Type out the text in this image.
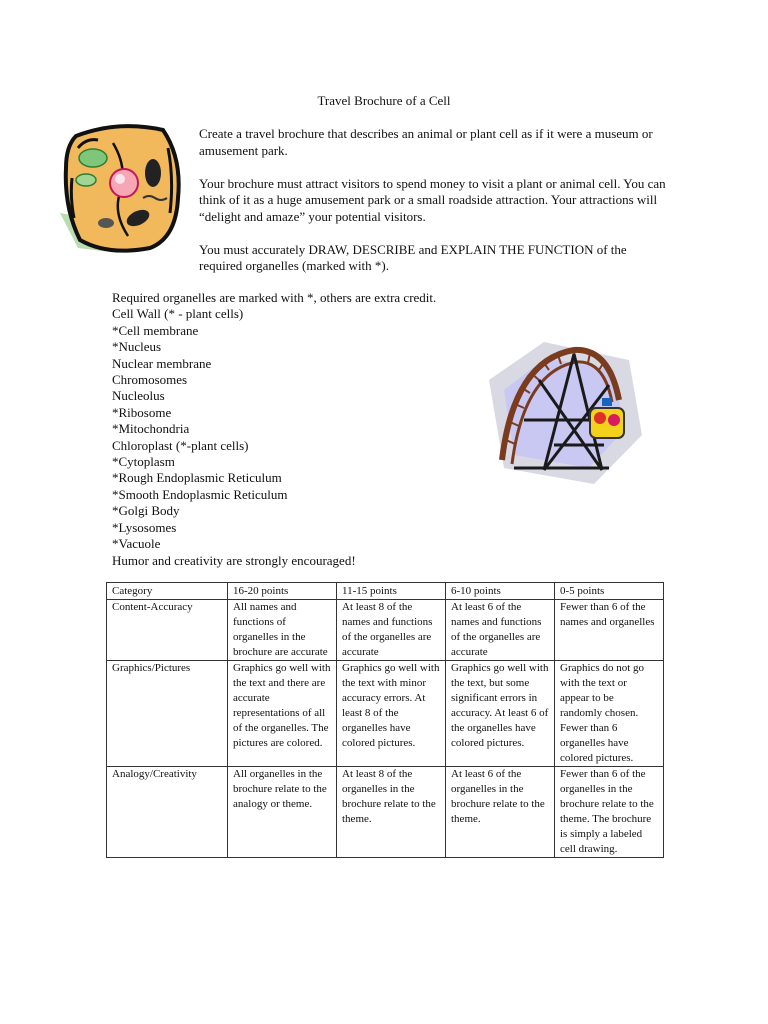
Travel Brochure of a Cell

Create a travel brochure that describes an animal or plant cell as if it were a museum or amusement park.

Your brochure must attract visitors to spend money to visit a plant or animal cell. You can think of it as a huge amusement park or a small roadside attraction. Your attractions will “delight and amaze” your potential visitors.

You must accurately DRAW, DESCRIBE and EXPLAIN THE FUNCTION of the required organelles (marked with *).

Required organelles are marked with *, others are extra credit.
Cell Wall (* - plant cells)
*Cell membrane
*Nucleus
Nuclear membrane
Chromosomes
Nucleolus
*Ribosome
*Mitochondria
Chloroplast (*-plant cells)
*Cytoplasm
*Rough Endoplasmic Reticulum
*Smooth Endoplasmic Reticulum
*Golgi Body
*Lysosomes
*Vacuole
Humor and creativity are strongly encouraged!
Category	16-20 points	11-15 points	6-10 points	0-5 points
Content-Accuracy	All names and functions of organelles in the brochure are accurate	At least 8 of the names and functions of the organelles are accurate	At least 6 of the names and functions of the organelles are accurate	Fewer than 6 of the names and organelles
Graphics/Pictures	Graphics go well with the text and there are accurate representations of all of the organelles. The pictures are colored.	Graphics go well with the text with minor accuracy errors. At least 8 of the organelles have colored pictures.	Graphics go well with the text, but some significant errors in accuracy. At least 6 of the organelles have colored pictures.	Graphics do not go with the text or appear to be randomly chosen. Fewer than 6 organelles have colored pictures.
Analogy/Creativity	All organelles in the brochure relate to the analogy or theme.	At least 8 of the organelles in the brochure relate to the theme.	At least 6 of the organelles in the brochure relate to the theme.	Fewer than 6 of the organelles in the brochure relate to the theme. The brochure is simply a labeled cell drawing.
